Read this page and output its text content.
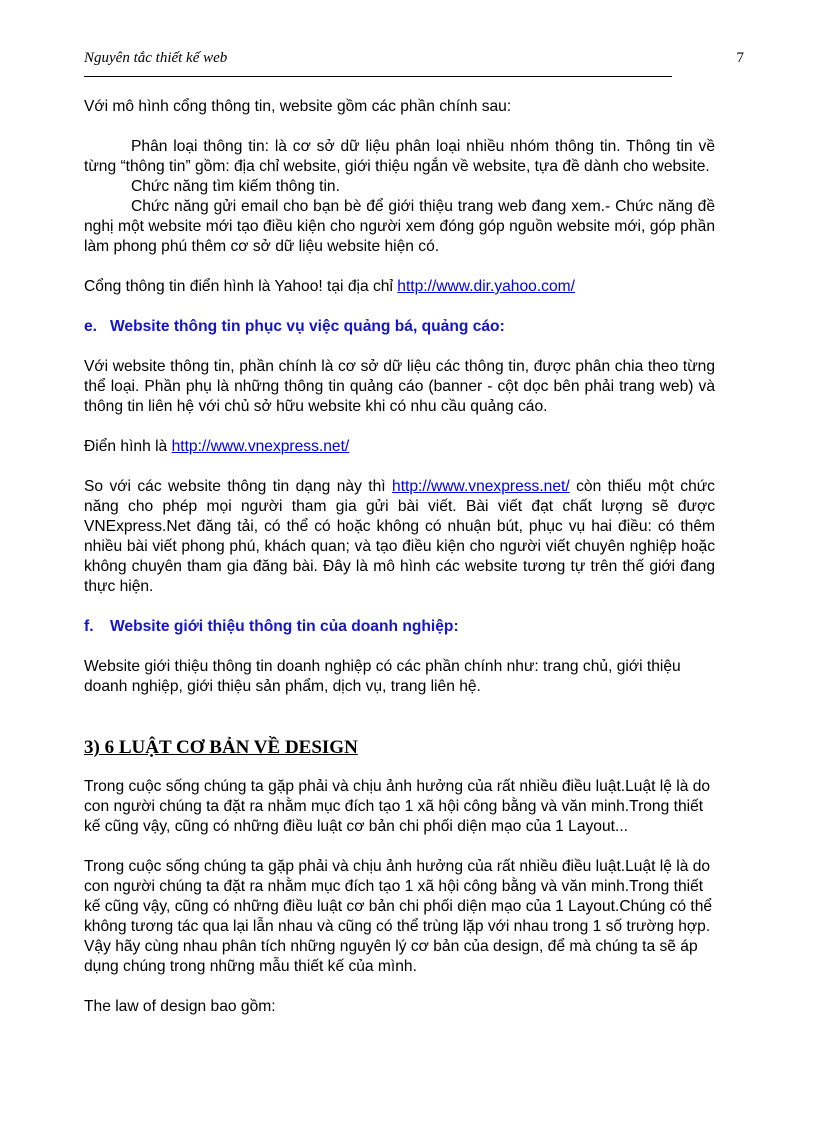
Nguyên tắc thiết kế web	7

Với mô hình cổng thông tin, website gồm các phần chính sau:

Phân loại thông tin: là cơ sở dữ liệu phân loại nhiều nhóm thông tin. Thông tin về từng “thông tin” gồm: địa chỉ website, giới thiệu ngắn về website, tựa đề dành cho website.

Chức năng tìm kiếm thông tin.

Chức năng gửi email cho bạn bè để giới thiệu trang web đang xem.- Chức năng đề nghị một website mới tạo điều kiện cho người xem đóng góp nguồn website mới, góp phần làm phong phú thêm cơ sở dữ liệu website hiện có.

Cổng thông tin điển hình là Yahoo! tại địa chỉ http://www.dir.yahoo.com/

e. Website thông tin phục vụ việc quảng bá, quảng cáo:

Với website thông tin, phần chính là cơ sở dữ liệu các thông tin, được phân chia theo từng thể loại. Phần phụ là những thông tin quảng cáo (banner - cột dọc bên phải trang web) và thông tin liên hệ với chủ sở hữu website khi có nhu cầu quảng cáo.

Điển hình là http://www.vnexpress.net/

So với các website thông tin dạng này thì http://www.vnexpress.net/ còn thiếu một chức năng cho phép mọi người tham gia gửi bài viết. Bài viết đạt chất lượng sẽ được VNExpress.Net đăng tải, có thể có hoặc không có nhuận bút, phục vụ hai điều: có thêm nhiều bài viết phong phú, khách quan; và tạo điều kiện cho người viết chuyên nghiệp hoặc không chuyên tham gia đăng bài. Đây là mô hình các website tương tự trên thế giới đang thực hiện.

f. Website giới thiệu thông tin của doanh nghiệp:

Website giới thiệu thông tin doanh nghiệp có các phần chính như: trang chủ, giới thiệu doanh nghiệp, giới thiệu sản phẩm, dịch vụ, trang liên hệ.

3) 6 LUẬT CƠ BẢN VỀ DESIGN

Trong cuộc sống chúng ta gặp phải và chịu ảnh hưởng của rất nhiều điều luật.Luật lệ là do con người chúng ta đặt ra nhằm mục đích tạo 1 xã hội công bằng và văn minh.Trong thiết kế cũng vậy, cũng có những điều luật cơ bản chi phối diện mạo của 1 Layout...

Trong cuộc sống chúng ta gặp phải và chịu ảnh hưởng của rất nhiều điều luật.Luật lệ là do con người chúng ta đặt ra nhằm mục đích tạo 1 xã hội công bằng và văn minh.Trong thiết kế cũng vậy, cũng có những điều luật cơ bản chi phối diện mạo của 1 Layout.Chúng có thể không tương tác qua lại lẫn nhau và cũng có thể trùng lặp với nhau trong 1 số trường hợp.

Vậy hãy cùng nhau phân tích những nguyên lý cơ bản của design, để mà chúng ta sẽ áp dụng chúng trong những mẫu thiết kế của mình.

The law of design bao gồm:
